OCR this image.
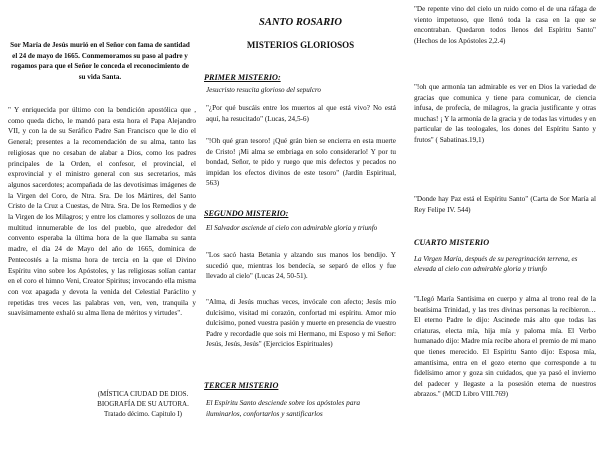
Sor María de Jesús murió en el Señor con fama de santidad el 24 de mayo de 1665. Conmemoramos su paso al padre y rogamos para que el Señor le conceda el reconocimiento de su vida Santa.

" Y enriquecida por último con la bendición apostólica que , como queda dicho, le mandó para esta hora el Papa Alejandro VII, y con la de su Seráfico Padre San Francisco que le dio el General; presentes a la recomendación de su alma, tanto las religiosas que no cesaban de alabar a Dios, como los padres principales de la Orden, el confesor, el provincial, el exprovincial y el ministro general con sus secretarios, más algunos sacerdotes; acompañada de las devotísimas imágenes de la Virgen del Coro, de Ntra. Sra. De los Mártires, del Santo Cristo de la Cruz a Cuestas, de Ntra. Sra. De los Remedios y de la Virgen de los Milagros; y entre los clamores y sollozos de una multitud innumerable de los del pueblo, que alrededor del convento esperaba la última hora de la que llamaba su santa madre, el día 24 de Mayo del año de 1665, dominica de Pentecostés a la misma hora de tercia en la que el Divino Espíritu vino sobre los Apóstoles, y las religiosas solían cantar en el coro el himno Veni, Creator Spiritus; invocando ella misma con voz apagada y devota la venida del Celestial Paráclito y repetidas tres veces las palabras ven, ven, ven, tranquila y suavísimamente exhaló su alma llena de méritos y virtudes".

(MÍSTICA CIUDAD DE DIOS.
BIOGRAFÍA DE SU AUTORA.
Tratado décimo. Capitulo I)
SANTO ROSARIO
MISTERIOS GLORIOSOS
PRIMER MISTERIO:
Jesucristo resucita glorioso del sepulcro

"¿Por qué buscáis entre los muertos al que está vivo? No está aquí, ha resucitado" (Lucas, 24,5-6)

"!Oh qué gran tesoro! ¡Qué grán bien se encierra en esta muerte de Cristo! ¡Mi alma se embriaga en solo considerarlo! Y por tu bondad, Señor, te pido y ruego que mis defectos y pecados no impidan los efectos divinos de este tesoro" (Jardín Espiritual, 563)

SEGUNDO MISTERIO:
El Salvador asciende al cielo con admirable gloria y triunfo

"Los sacó hasta Betania y alzando sus manos los bendijo. Y sucedió que, mientras los bendecía, se separó de ellos y fue llevado al cielo" (Lucas 24, 50-51).

"Alma, di Jesús muchas veces, invócale con afecto; Jesús mío dulcísimo, visitad mi corazón, confortad mi espíritu. Amor mío dulcísimo, poned vuestra pasión y muerte en presencia de vuestro Padre y recordadle que sois mi Hermano, mi Esposo y mi Señor: Jesús, Jesús, Jesús" (Ejercicios Espirituales)

TERCER MISTERIO
El Espíritu Santo desciende sobre los apóstoles para iluminarlos, confortarlos y santificarlos

"De repente vino del cielo un ruido como el de una ráfaga de viento impetuoso, que llenó toda la casa en la que se encontraban. Quedaron todos llenos del Espíritu Santo" (Hechos de los Apóstoles 2,2.4)

"!oh que armonía tan admirable es ver en Dios la variedad de gracias que comunica y tiene para comunicar, de ciencia infusa, de profecía, de milagros, la gracia justificante y otras muchas! ¡ Y la armonía de la gracia y de todas las virtudes y en particular de las teologales, los dones del Espíritu Santo y frutos" ( Sabatinas.19,1)

"Donde hay Paz está el Espíritu Santo" (Carta de Sor María al Rey Felipe IV. 544)

CUARTO MISTERIO
La Virgen María, después de su peregrinación terrena, es elevada al cielo con admirable gloria y triunfo

"LIegó María Santísima en cuerpo y alma al trono real de la beatísima Trinidad, y las tres divinas personas la recibieron… El eterno Padre le dijo: Ascinede más alto que todas las criaturas, electa mía, hija mía y paloma mía. El Verbo humanado dijo: Madre mía recibe ahora el premio de mi mano que tienes merecido. El Espíritu Santo dijo: Esposa mía, amantísima, entra en el gozo eterno que corresponde a tu fidelísimo amor y goza sin cuidados, que ya pasó el invierno del padecer y llegaste a la posesión eterna de nuestros abrazos." (MCD Libro VIII.769)
